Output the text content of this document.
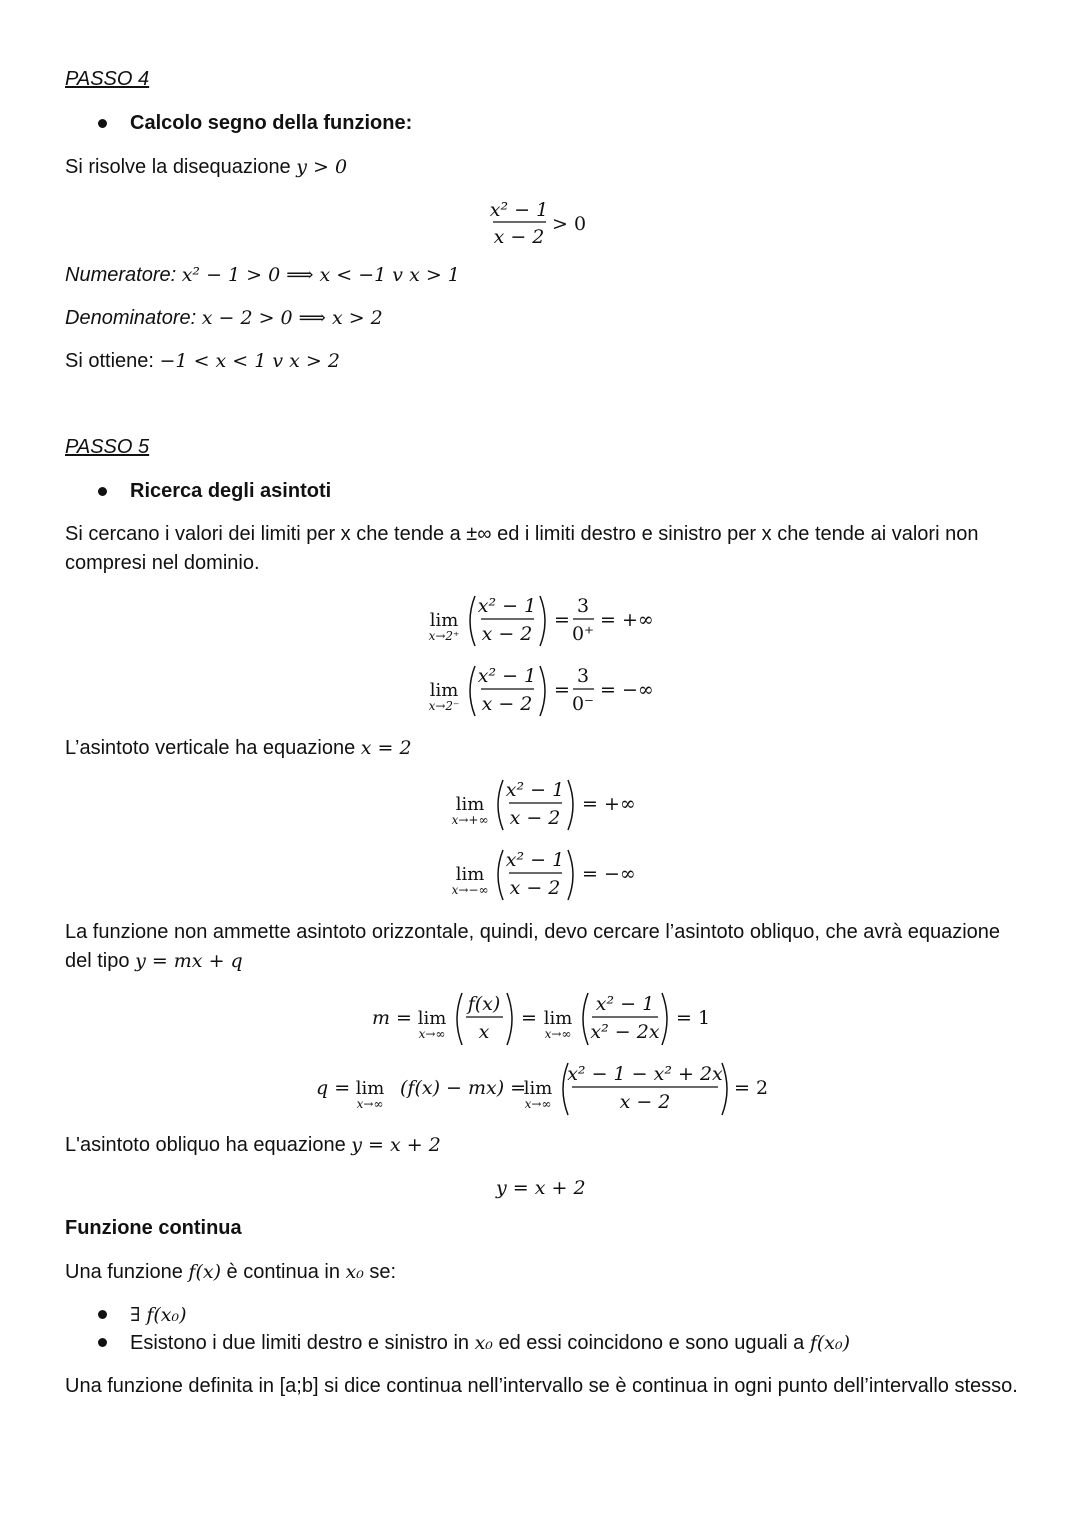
PASSO 4
Calcolo segno della funzione:
Si risolve la disequazione y > 0
x² − 1
x − 2
> 0
Numeratore: x² − 1 > 0 ⟹ x < −1 v x > 1
Denominatore: x − 2 > 0 ⟹ x > 2
Si ottiene: −1 < x < 1 v x > 2
PASSO 5
Ricerca degli asintoti
Si cercano i valori dei limiti per x che tende a ±∞ ed i limiti destro e sinistro per x che tende ai valori non compresi nel dominio.
lim
x→2⁺
x² − 1
x − 2
=
3
0⁺
= +∞
lim
x→2⁻
x² − 1
x − 2
=
3
0⁻
= −∞
L’asintoto verticale ha equazione x = 2
lim
x→+∞
x² − 1
x − 2
= +∞
lim
x→−∞
x² − 1
x − 2
= −∞
La funzione non ammette asintoto orizzontale, quindi, devo cercare l’asintoto obliquo, che avrà equazione del tipo y = mx + q
m = lim
x→∞
f(x)
x
= lim
x→∞
x² − 1
x² − 2x
= 1
q = lim
x→∞
(f(x) − mx) =
lim
x→∞
x² − 1 − x² + 2x
x − 2
= 2
L'asintoto obliquo ha equazione y = x + 2
y = x + 2
Funzione continua
Una funzione f(x) è continua in x₀ se:
∃ f(x₀)
Esistono i due limiti destro e sinistro in x₀ ed essi coincidono e sono uguali a f(x₀)
Una funzione definita in [a;b] si dice continua nell’intervallo se è continua in ogni punto dell’intervallo stesso.
